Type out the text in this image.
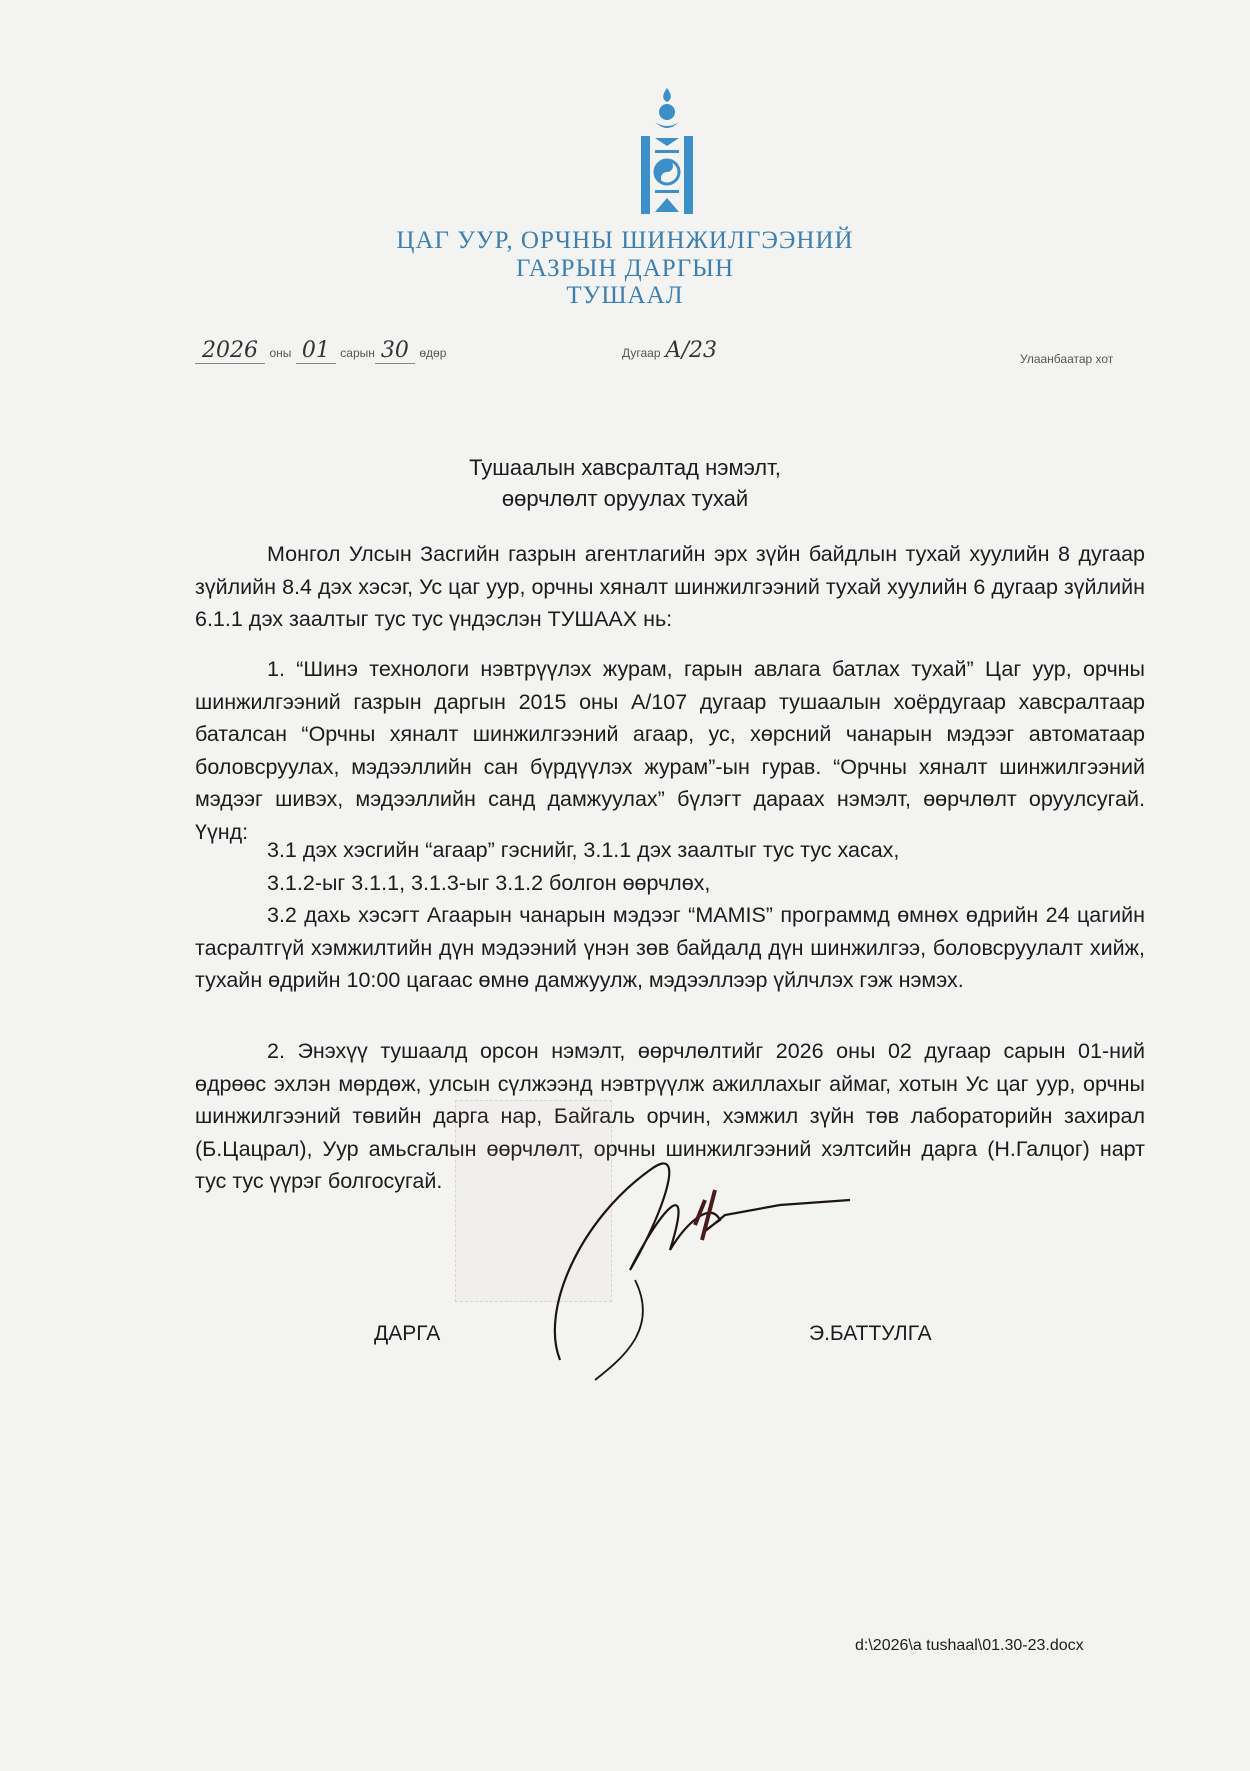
ЦАГ УУР, ОРЧНЫ ШИНЖИЛГЭЭНИЙ
ГАЗРЫН ДАРГЫН
ТУШААЛ
2026 оны 01 сарын 30 өдөр	Дугаар А/23	Улаанбаатар хот
Тушаалын хавсралтад нэмэлт,
өөрчлөлт оруулах тухай

Монгол Улсын Засгийн газрын агентлагийн эрх зүйн байдлын тухай хуулийн 8 дугаар зүйлийн 8.4 дэх хэсэг, Ус цаг уур, орчны хяналт шинжилгээний тухай хуулийн 6 дугаар зүйлийн 6.1.1 дэх заалтыг тус тус үндэслэн ТУШААХ нь:

1. “Шинэ технологи нэвтрүүлэх журам, гарын авлага батлах тухай” Цаг уур, орчны шинжилгээний газрын даргын 2015 оны А/107 дугаар тушаалын хоёрдугаар хавсралтаар баталсан “Орчны хяналт шинжилгээний агаар, ус, хөрсний чанарын мэдээг автоматаар боловсруулах, мэдээллийн сан бүрдүүлэх журам”-ын гурав. “Орчны хяналт шинжилгээний мэдээг шивэх, мэдээллийн санд дамжуулах” бүлэгт дараах нэмэлт, өөрчлөлт оруулсугай. Үүнд:

3.1 дэх хэсгийн “агаар” гэснийг, 3.1.1 дэх заалтыг тус тус хасах,

3.1.2-ыг 3.1.1, 3.1.3-ыг 3.1.2 болгон өөрчлөх,

3.2 дахь хэсэгт Агаарын чанарын мэдээг “MAMIS” программд өмнөх өдрийн 24 цагийн тасралтгүй хэмжилтийн дүн мэдээний үнэн зөв байдалд дүн шинжилгээ, боловсруулалт хийж, тухайн өдрийн 10:00 цагаас өмнө дамжуулж, мэдээллээр үйлчлэх гэж нэмэх.

2. Энэхүү тушаалд орсон нэмэлт, өөрчлөлтийг 2026 оны 02 дугаар сарын 01-ний өдрөөс эхлэн мөрдөж, улсын сүлжээнд нэвтрүүлж ажиллахыг аймаг, хотын Ус цаг уур, орчны шинжилгээний төвийн дарга нар, Байгаль орчин, хэмжил зүйн төв лабораторийн захирал (Б.Цацрал), Уур амьсгалын өөрчлөлт, орчны шинжилгээний хэлтсийн дарга (Н.Галцог) нарт тус тус үүрэг болгосугай.

ДАРГА	Э.БАТТУЛГА
d:\2026\a tushaal\01.30-23.docx
